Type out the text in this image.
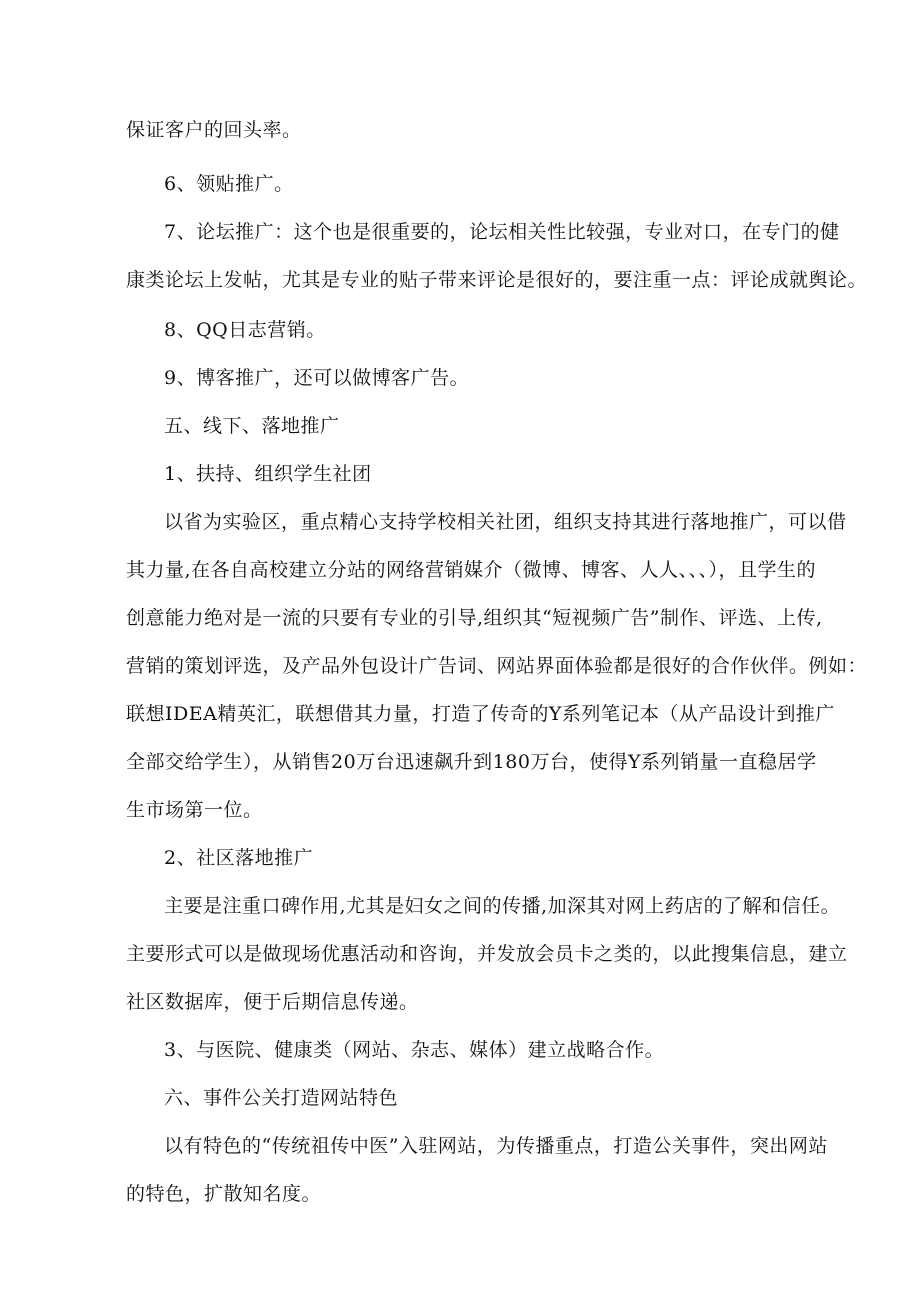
保证客户的回头率。
6、领贴推广。
7、论坛推广：这个也是很重要的，论坛相关性比较强，专业对口，在专门的健
康类论坛上发帖，尤其是专业的贴子带来评论是很好的，要注重一点：评论成就舆论。
8、QQ日志营销。
9、博客推广，还可以做博客广告。
五、线下、落地推广
1、扶持、组织学生社团
以省为实验区，重点精心支持学校相关社团，组织支持其进行落地推广，可以借
其力量,在各自高校建立分站的网络营销媒介（微博、博客、人人、、、），且学生的
创意能力绝对是一流的只要有专业的引导,组织其“短视频广告”制作、评选、上传,
营销的策划评选，及产品外包设计广告词、网站界面体验都是很好的合作伙伴。例如：
联想IDEA精英汇，联想借其力量，打造了传奇的Y系列笔记本（从产品设计到推广
全部交给学生），从销售20万台迅速飙升到180万台，使得Y系列销量一直稳居学
生市场第一位。
2、社区落地推广
主要是注重口碑作用,尤其是妇女之间的传播,加深其对网上药店的了解和信任。
主要形式可以是做现场优惠活动和咨询，并发放会员卡之类的，以此搜集信息，建立
社区数据库，便于后期信息传递。
3、与医院、健康类（网站、杂志、媒体）建立战略合作。
六、事件公关打造网站特色
以有特色的“传统祖传中医”入驻网站，为传播重点，打造公关事件，突出网站
的特色，扩散知名度。
